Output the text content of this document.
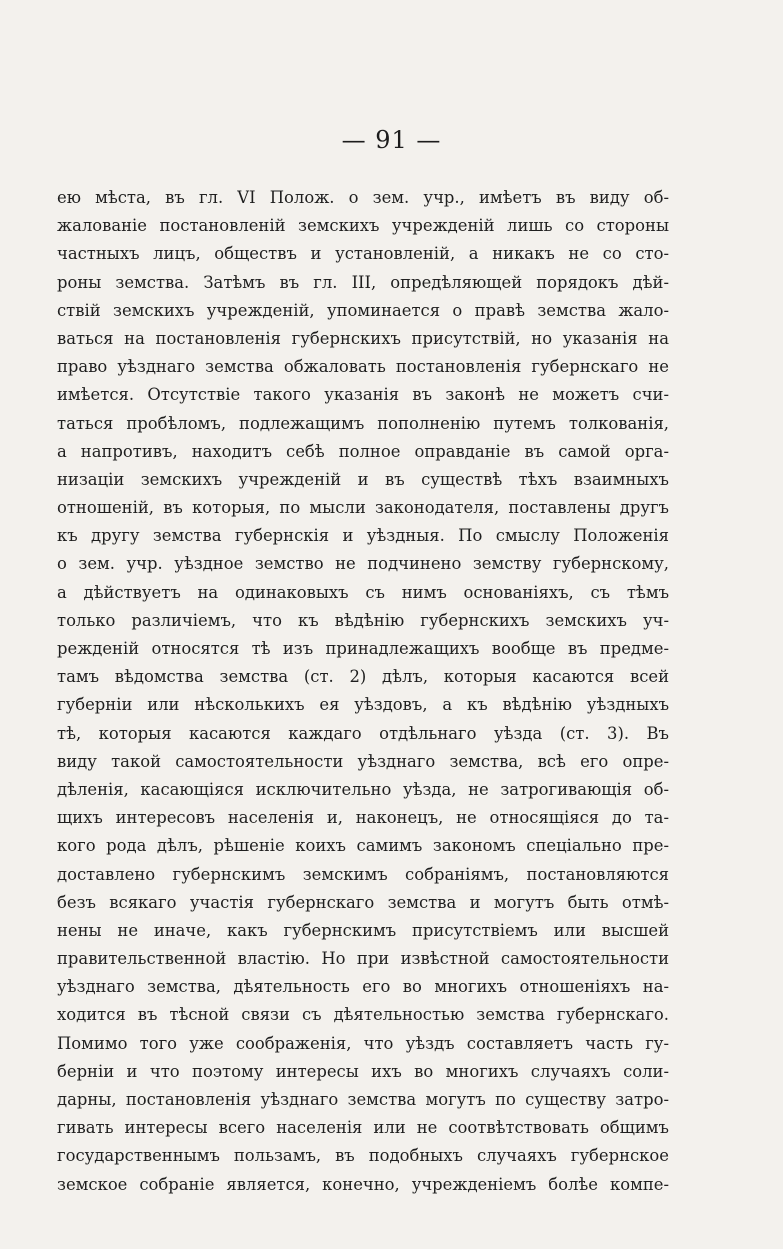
— 91 —
ею мѣста, въ гл. VI Полож. о зем. учр., имѣетъ въ виду об-
жалованіе постановленій земскихъ учрежденій лишь со стороны
частныхъ лицъ, обществъ и установленій, а никакъ не со сто-
роны земства. Затѣмъ въ гл. III, опредѣляющей порядокъ дѣй-
ствій земскихъ учрежденій, упоминается о правѣ земства жало-
ваться на постановленія губернскихъ присутствій, но указанія на
право уѣзднаго земства обжаловать постановленія губернскаго не
имѣется. Отсутствіе такого указанія въ законѣ не можетъ счи-
таться пробѣломъ, подлежащимъ пополненію путемъ толкованія,
а напротивъ, находитъ себѣ полное оправданіе въ самой орга-
низаціи земскихъ учрежденій и въ существѣ тѣхъ взаимныхъ
отношеній, въ которыя, по мысли законодателя, поставлены другъ
къ другу земства губернскія и уѣздныя. По смыслу Положенія
о зем. учр. уѣздное земство не подчинено земству губернскому,
а дѣйствуетъ на одинаковыхъ съ нимъ основаніяхъ, съ тѣмъ
только различіемъ, что къ вѣдѣнію губернскихъ земскихъ уч-
режденій относятся тѣ изъ принадлежащихъ вообще въ предме-
тамъ вѣдомства земства (ст. 2) дѣлъ, которыя касаются всей
губерніи или нѣсколькихъ ея уѣздовъ, а къ вѣдѣнію уѣздныхъ
тѣ, которыя касаются каждаго отдѣльнаго уѣзда (ст. 3). Въ
виду такой самостоятельности уѣзднаго земства, всѣ его опре-
дѣленія, касающіяся исключительно уѣзда, не затрогивающія об-
щихъ интересовъ населенія и, наконецъ, не относящіяся до та-
кого рода дѣлъ, рѣшеніе коихъ самимъ закономъ спеціально пре-
доставлено губернскимъ земскимъ собраніямъ, постановляются
безъ всякаго участія губернскаго земства и могутъ быть отмѣ-
нены не иначе, какъ губернскимъ присутствіемъ или высшей
правительственной властію. Но при извѣстной самостоятельности
уѣзднаго земства, дѣятельность его во многихъ отношеніяхъ на-
ходится въ тѣсной связи съ дѣятельностью земства губернскаго.
Помимо того уже соображенія, что уѣздъ составляетъ часть гу-
берніи и что поэтому интересы ихъ во многихъ случаяхъ соли-
дарны, постановленія уѣзднаго земства могутъ по существу затро-
гивать интересы всего населенія или не соотвѣтствовать общимъ
государственнымъ пользамъ, въ подобныхъ случаяхъ губернское
земское собраніе является, конечно, учрежденіемъ болѣе компе-
